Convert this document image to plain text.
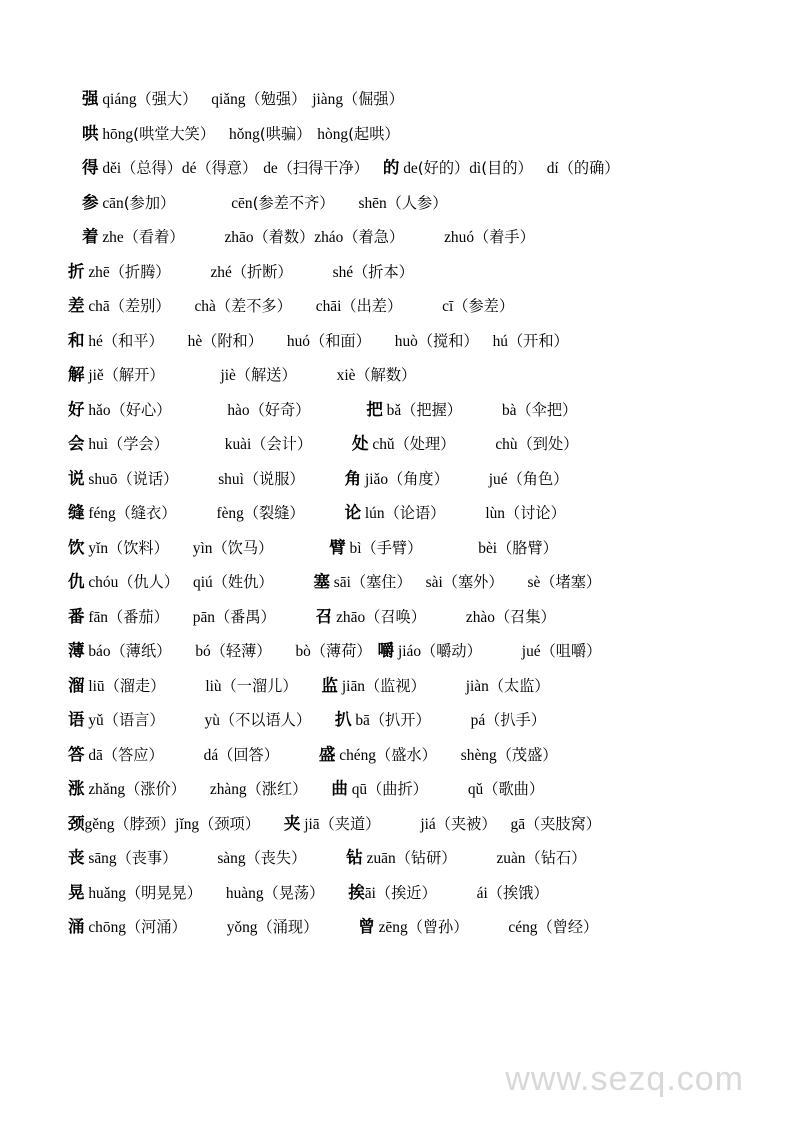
强 qiáng（强大） qiǎng（勉强） jiàng（倔强）
哄 hōng(哄堂大笑） hǒng(哄骗） hòng(起哄）
得 děi（总得）dé（得意） de（扫得干净） 的 de(好的）dì(目的） dí（的确）
参 cān(参加）	cēn(参差不齐） shēn（人参）
着 zhe（看着）	zhāo（着数）zháo（着急）	zhuó（着手）
折 zhē（折腾）	zhé（折断）	shé（折本）
差 chā（差别） chà（差不多） chāi（出差）	cī（参差）
和 hé（和平） hè（附和） huó（和面） huò（搅和） hú（开和）
解 jiě（解开）	jiè（解送）	xiè（解数）
好 hǎo（好心）	hào（好奇）	把 bǎ（把握）	bà（伞把）
会 huì（学会）	kuài（会计） 处 chǔ（处理）	chù（到处）
说 shuō（说话）	shuì（说服） 角 jiǎo（角度）	jué（角色）
缝 féng（缝衣）	fèng（裂缝） 论 lún（论语）	lùn（讨论）
饮 yǐn（饮料） yìn（饮马）	臂 bì（手臂）	bèi（胳臂）
仇 chóu（仇人） qiú（姓仇） 塞 sāi（塞住） sài（塞外） sè（堵塞）
番 fān（番茄） pān（番禺） 召 zhāo（召唤）	zhào（召集）
薄 báo（薄纸） bó（轻薄） bò（薄荷） 嚼 jiáo（嚼动）	jué（咀嚼）
溜 liū（溜走）	liù（一溜儿） 监 jiān（监视）	jiàn（太监）
语 yǔ（语言）	yù（不以语人） 扒 bā（扒开）	pá（扒手）
答 dā（答应）	dá（回答） 盛 chéng（盛水） shèng（茂盛）
涨 zhǎng（涨价） zhàng（涨红） 曲 qū（曲折）	qǔ（歌曲）
颈gěng（脖颈）jǐng（颈项） 夹 jiā（夹道）	jiá（夹被） gā（夹肢窝）
丧 sāng（丧事）	sàng（丧失） 钻 zuān（钻研）	zuàn（钻石）
晃 huǎng（明晃晃） huàng（晃荡） 挨āi（挨近）	ái（挨饿）
涌 chōng（河涌）	yǒng（涌现） 曾 zēng（曾孙）	céng（曾经）
www.sezq.com
